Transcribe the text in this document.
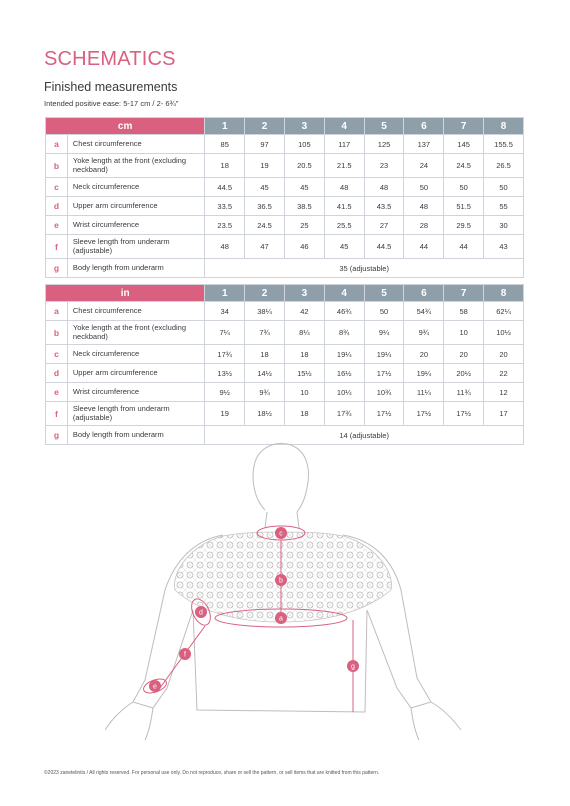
SCHEMATICS
Finished measurements
Intended positive ease: 5-17 cm / 2- 6¾"
cm		1	2	3	4	5	6	7	8
a	Chest circumference	85	97	105	117	125	137	145	155.5
b	Yoke length at the front (excluding neckband)	18	19	20.5	21.5	23	24	24.5	26.5
c	Neck circumference	44.5	45	45	48	48	50	50	50
d	Upper arm circumference	33.5	36.5	38.5	41.5	43.5	48	51.5	55
e	Wrist circumference	23.5	24.5	25	25.5	27	28	29.5	30
f	Sleeve length from underarm (adjustable)	48	47	46	45	44.5	44	44	43
g	Body length from underarm	35 (adjustable)							
in		1	2	3	4	5	6	7	8
a	Chest circumference	34	38¼	42	46¾	50	54¾	58	62¼
b	Yoke length at the front (excluding neckband)	7¼	7¾	8¼	8¾	9¼	9¾	10	10½
c	Neck circumference	17¾	18	18	19¼	19¼	20	20	20
d	Upper arm circumference	13½	14½	15½	16½	17½	19¼	20½	22
e	Wrist circumference	9½	9¾	10	10¼	10¾	11¼	11¾	12
f	Sleeve length from underarm (adjustable)	19	18½	18	17¾	17½	17½	17½	17
g	Body length from underarm	14 (adjustable)							
a
b
c
d
e
f
g
©2023 zanetelinits / All rights reserved. For personal use only. Do not reproduce, share or sell the pattern, or sell items that are knitted from this pattern.
